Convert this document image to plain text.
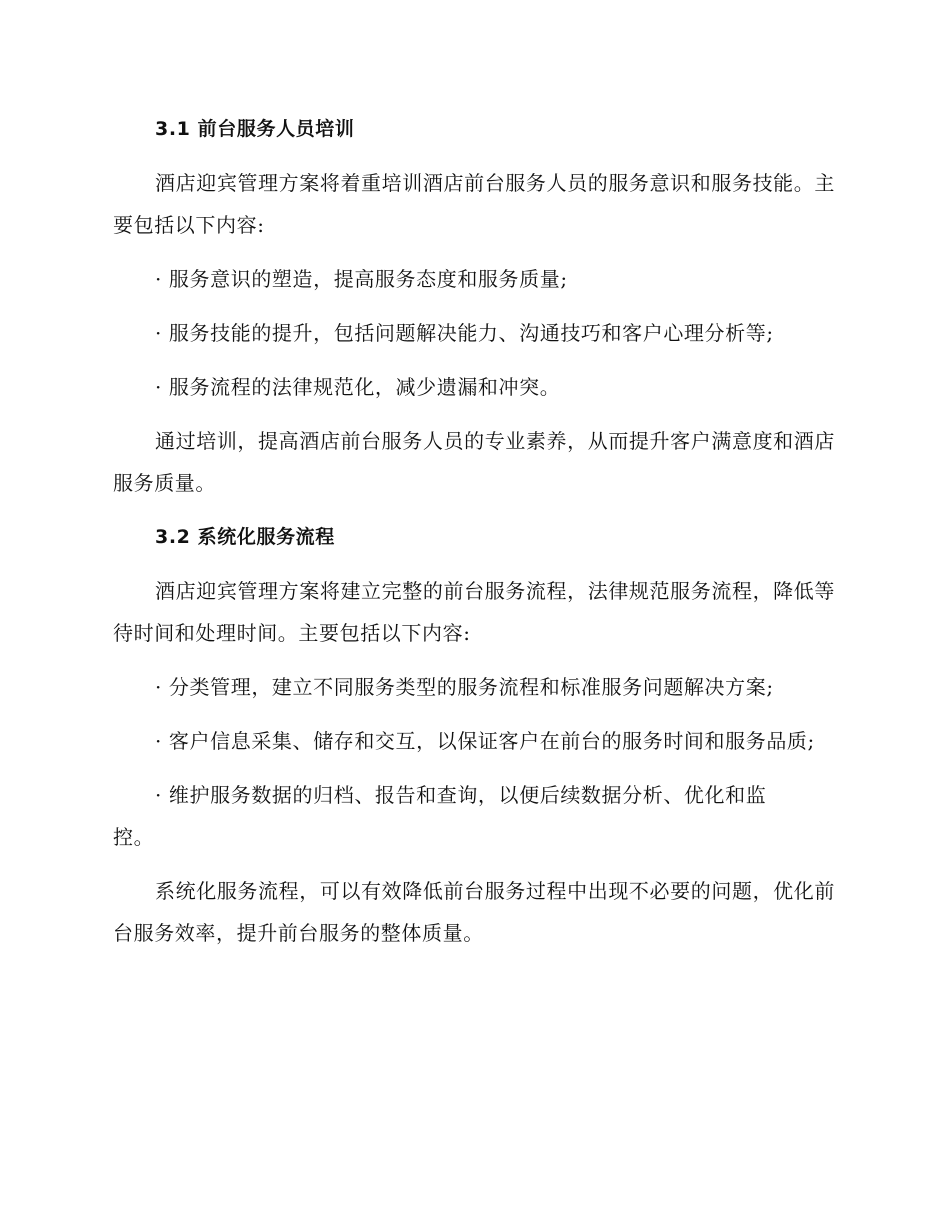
3.1 前台服务人员培训
酒店迎宾管理方案将着重培训酒店前台服务人员的服务意识和服务技能。主要包括以下内容:
· 服务意识的塑造，提高服务态度和服务质量;
· 服务技能的提升，包括问题解决能力、沟通技巧和客户心理分析等;
· 服务流程的法律规范化，减少遗漏和冲突。
通过培训，提高酒店前台服务人员的专业素养，从而提升客户满意度和酒店服务质量。
3.2 系统化服务流程
酒店迎宾管理方案将建立完整的前台服务流程，法律规范服务流程，降低等待时间和处理时间。主要包括以下内容:
· 分类管理，建立不同服务类型的服务流程和标准服务问题解决方案;
· 客户信息采集、储存和交互，以保证客户在前台的服务时间和服务品质;
· 维护服务数据的归档、报告和查询，以便后续数据分析、优化和监控。
系统化服务流程，可以有效降低前台服务过程中出现不必要的问题，优化前台服务效率，提升前台服务的整体质量。
